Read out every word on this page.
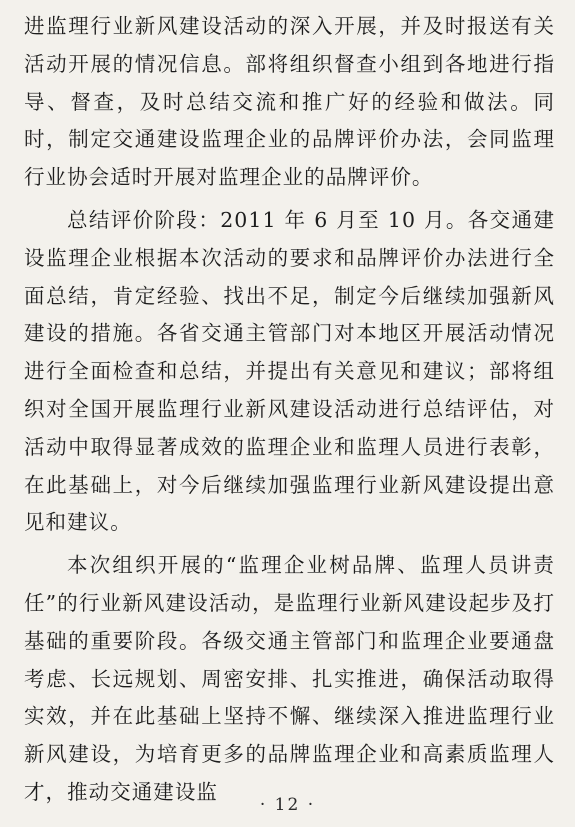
进监理行业新风建设活动的深入开展，并及时报送有关活动开展的情况信息。部将组织督查小组到各地进行指导、督查，及时总结交流和推广好的经验和做法。同时，制定交通建设监理企业的品牌评价办法，会同监理行业协会适时开展对监理企业的品牌评价。

总结评价阶段：2011 年 6 月至 10 月。各交通建设监理企业根据本次活动的要求和品牌评价办法进行全面总结，肯定经验、找出不足，制定今后继续加强新风建设的措施。各省交通主管部门对本地区开展活动情况进行全面检查和总结，并提出有关意见和建议；部将组织对全国开展监理行业新风建设活动进行总结评估，对活动中取得显著成效的监理企业和监理人员进行表彰，在此基础上，对今后继续加强监理行业新风建设提出意见和建议。

本次组织开展的“监理企业树品牌、监理人员讲责任”的行业新风建设活动，是监理行业新风建设起步及打基础的重要阶段。各级交通主管部门和监理企业要通盘考虑、长远规划、周密安排、扎实推进，确保活动取得实效，并在此基础上坚持不懈、继续深入推进监理行业新风建设，为培育更多的品牌监理企业和高素质监理人才，推动交通建设监

· 12 ·
